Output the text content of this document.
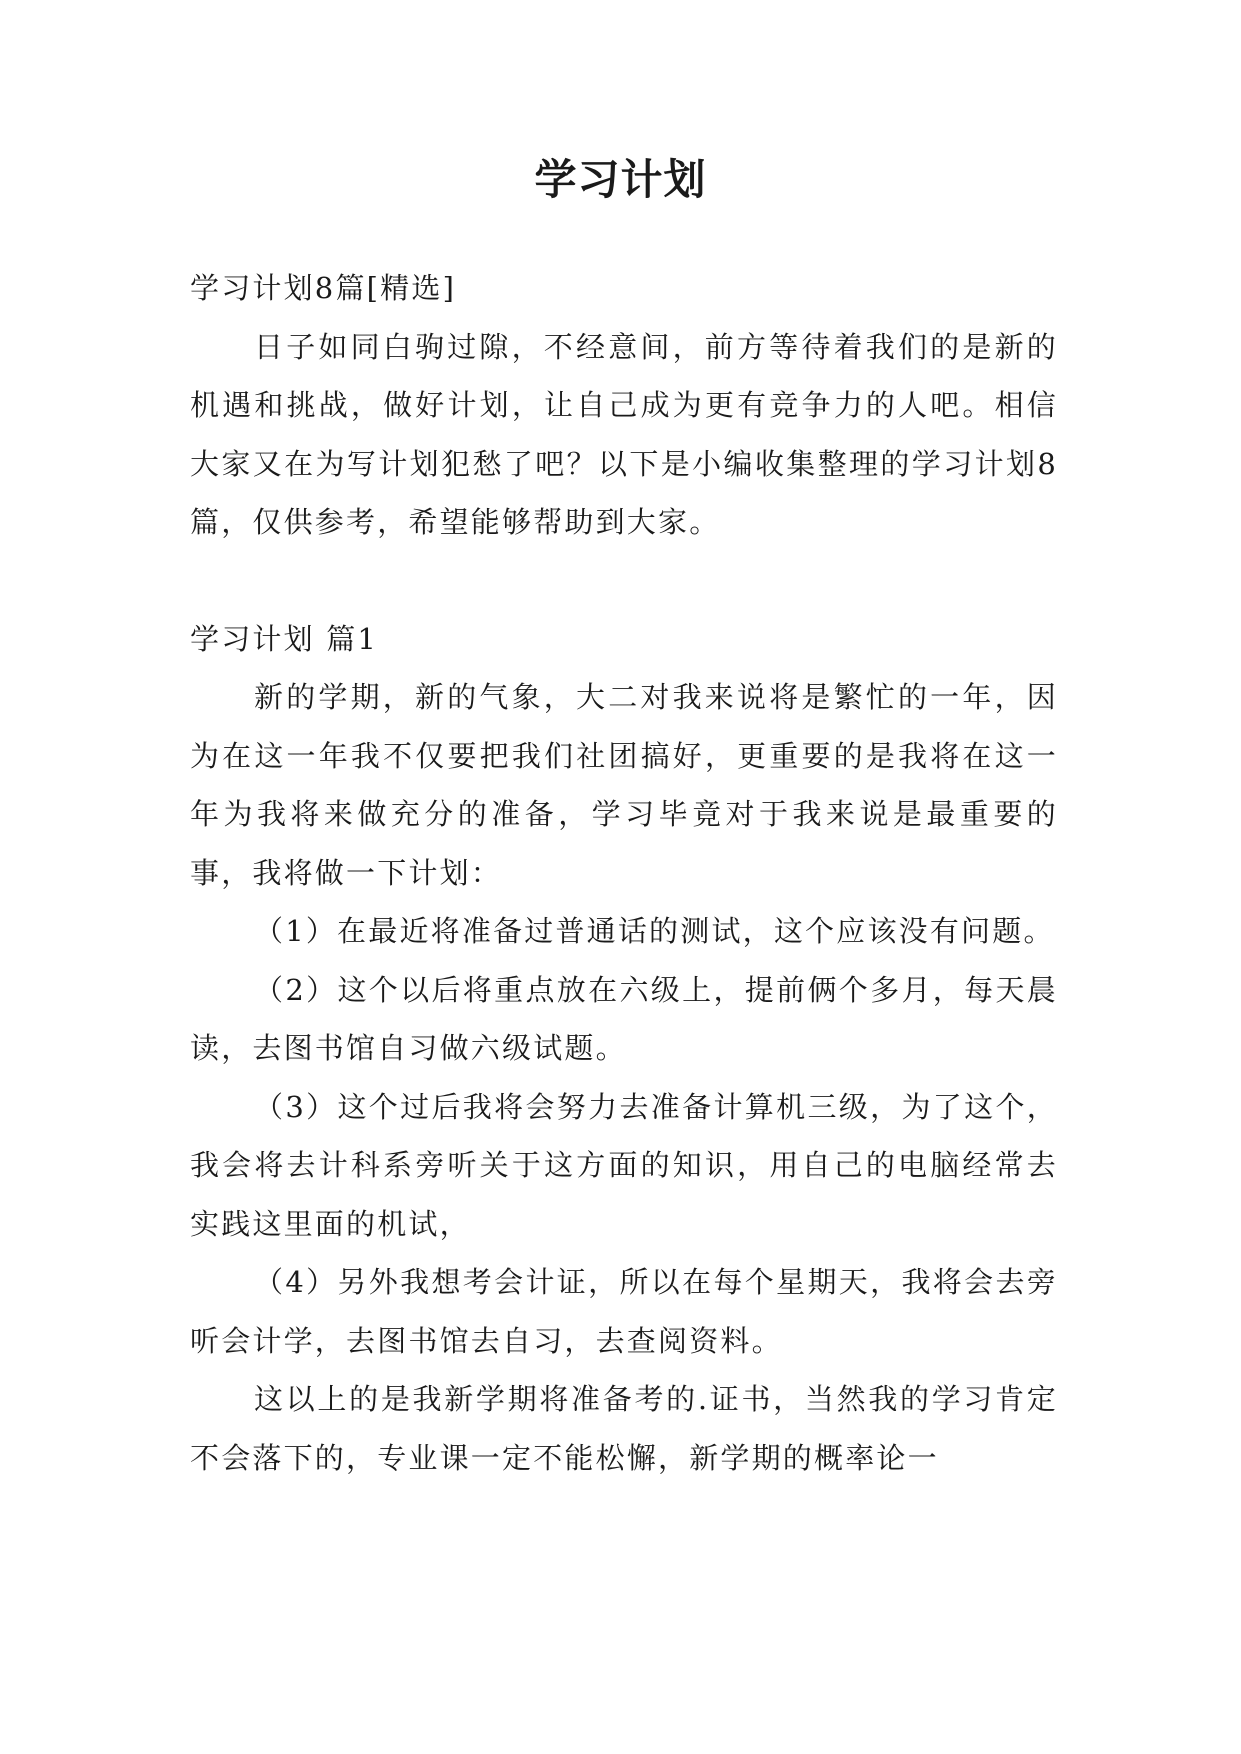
学习计划

学习计划8篇[精选]

日子如同白驹过隙，不经意间，前方等待着我们的是新的机遇和挑战，做好计划，让自己成为更有竞争力的人吧。相信大家又在为写计划犯愁了吧？以下是小编收集整理的学习计划8篇，仅供参考，希望能够帮助到大家。

学习计划 篇1

新的学期，新的气象，大二对我来说将是繁忙的一年，因为在这一年我不仅要把我们社团搞好，更重要的是我将在这一年为我将来做充分的准备，学习毕竟对于我来说是最重要的事，我将做一下计划：

（1）在最近将准备过普通话的测试，这个应该没有问题。

（2）这个以后将重点放在六级上，提前俩个多月，每天晨读，去图书馆自习做六级试题。

（3）这个过后我将会努力去准备计算机三级，为了这个，我会将去计科系旁听关于这方面的知识，用自己的电脑经常去实践这里面的机试，

（4）另外我想考会计证，所以在每个星期天，我将会去旁听会计学，去图书馆去自习，去查阅资料。

这以上的是我新学期将准备考的.证书，当然我的学习肯定不会落下的，专业课一定不能松懈，新学期的概率论一
